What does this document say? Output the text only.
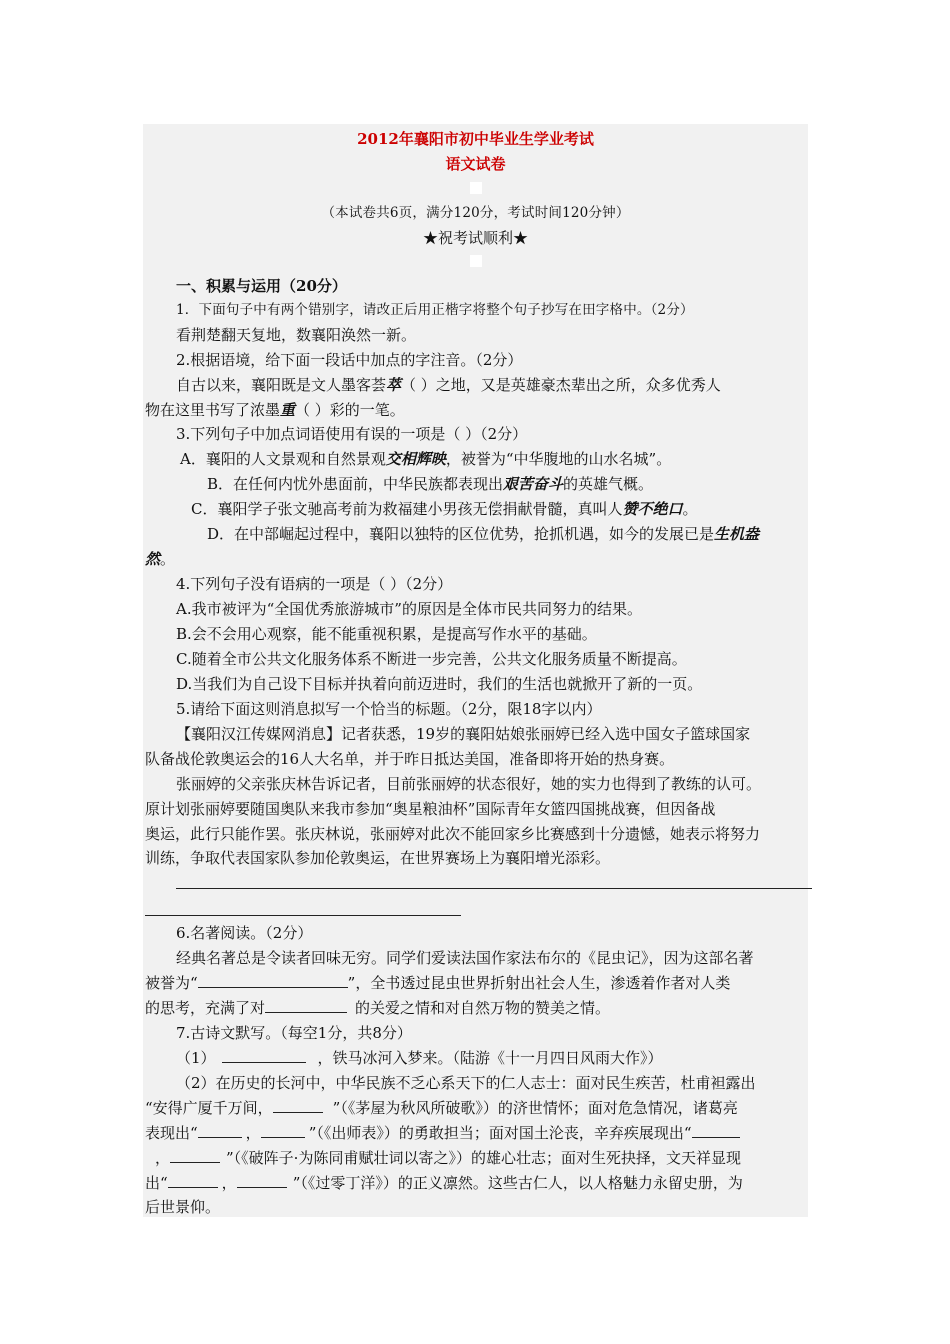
2012年襄阳市初中毕业生学业考试
语文试卷
（本试卷共6页，满分120分，考试时间120分钟）
★祝考试顺利★
一、积累与运用（20分）
1．下面句子中有两个错别字，请改正后用正楷字将整个句子抄写在田字格中。（2分）
看荆楚翻天复地，数襄阳涣然一新。
2.根据语境，给下面一段话中加点的字注音。（2分）
自古以来，襄阳既是文人墨客荟萃（ ）之地，又是英雄豪杰辈出之所，众多优秀人
物在这里书写了浓墨重（ ）彩的一笔。
3.下列句子中加点词语使用有误的一项是（ ）（2分）
A．襄阳的人文景观和自然景观交相辉映，被誉为“中华腹地的山水名城”。
B．在任何内忧外患面前，中华民族都表现出艰苦奋斗的英雄气概。
C．襄阳学子张文驰高考前为救福建小男孩无偿捐献骨髓，真叫人赞不绝口。
D．在中部崛起过程中，襄阳以独特的区位优势，抢抓机遇，如今的发展已是生机盎
然。
4.下列句子没有语病的一项是（ ）（2分）
A.我市被评为“全国优秀旅游城市”的原因是全体市民共同努力的结果。
B.会不会用心观察，能不能重视积累，是提高写作水平的基础。
C.随着全市公共文化服务体系不断进一步完善，公共文化服务质量不断提高。
D.当我们为自己设下目标并执着向前迈进时，我们的生活也就掀开了新的一页。
5.请给下面这则消息拟写一个恰当的标题。（2分，限18字以内）
【襄阳汉江传媒网消息】记者获悉，19岁的襄阳姑娘张丽婷已经入选中国女子篮球国家
队备战伦敦奥运会的16人大名单，并于昨日抵达美国，准备即将开始的热身赛。
张丽婷的父亲张庆林告诉记者，目前张丽婷的状态很好，她的实力也得到了教练的认可。
原计划张丽婷要随国奥队来我市参加“奥星粮油杯”国际青年女篮四国挑战赛，但因备战
奥运，此行只能作罢。张庆林说，张丽婷对此次不能回家乡比赛感到十分遗憾，她表示将努力
训练，争取代表国家队参加伦敦奥运，在世界赛场上为襄阳增光添彩。
6.名著阅读。（2分）
经典名著总是令读者回味无穷。同学们爱读法国作家法布尔的《昆虫记》，因为这部名著
被誉为“	”，全书透过昆虫世界折射出社会人生，渗透着作者对人类
的思考，充满了对	的关爱之情和对自然万物的赞美之情。
7.古诗文默写。（每空1分，共8分）
（1）	，铁马冰河入梦来。（陆游《十一月四日风雨大作》）
（2）在历史的长河中，中华民族不乏心系天下的仁人志士：面对民生疾苦，杜甫袒露出
“安得广厦千万间，	”（《茅屋为秋风所破歌》）的济世情怀；面对危急情况，诸葛亮
表现出“	，	”（《出师表》）的勇敢担当；面对国土沦丧，辛弃疾展现出“
，	”（《破阵子·为陈同甫赋壮词以寄之》）的雄心壮志；面对生死抉择，文天祥显现
出“	，	”（《过零丁洋》）的正义凛然。这些古仁人，以人格魅力永留史册，为
后世景仰。
